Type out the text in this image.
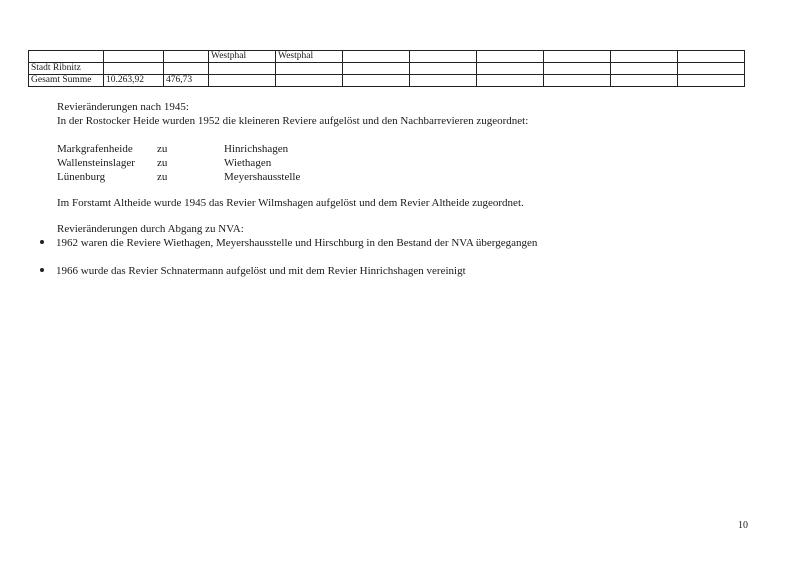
			Westphal	Westphal						
Stadt Ribnitz										
Gesamt Summe	10.263,92	476,73								
Revieränderungen nach 1945:
In der Rostocker Heide wurden 1952 die kleineren Reviere aufgelöst und den Nachbarrevieren zugeordnet:
Markgrafenheide zu	Hinrichshagen
Wallensteinslager zu	Wiethagen
Lünenburg	zu	Meyershausstelle
Im Forstamt Altheide wurde 1945 das Revier Wilmshagen aufgelöst und dem Revier Altheide zugeordnet.
Revieränderungen durch Abgang zu NVA:
1962 waren die Reviere Wiethagen, Meyershausstelle und Hirschburg in den Bestand der NVA übergegangen
1966 wurde das Revier Schnatermann aufgelöst und mit dem Revier Hinrichshagen vereinigt
10
